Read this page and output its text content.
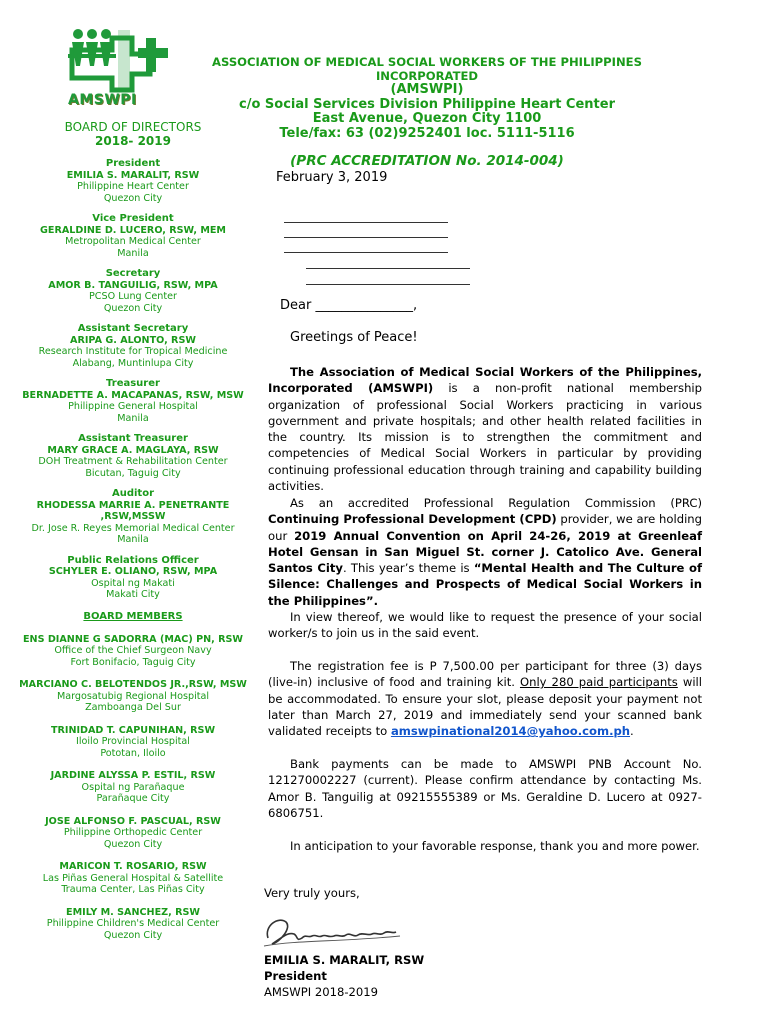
AMSWPI
ASSOCIATION OF MEDICAL SOCIAL WORKERS OF THE PHILIPPINES INCORPORATED
(AMSWPI)
c/o Social Services Division Philippine Heart Center
East Avenue, Quezon City 1100
Tele/fax: 63 (02)9252401 loc. 5111-5116
(PRC ACCREDITATION No. 2014-004)
BOARD OF DIRECTORS
2018- 2019
President
EMILIA S. MARALIT, RSW
Philippine Heart Center
Quezon City
Vice President
GERALDINE D. LUCERO, RSW, MEM
Metropolitan Medical Center
Manila
Secretary
AMOR B. TANGUILIG, RSW, MPA
PCSO Lung Center
Quezon City
Assistant Secretary
ARIPA G. ALONTO, RSW
Research Institute for Tropical Medicine
Alabang, Muntinlupa City
Treasurer
BERNADETTE A. MACAPANAS, RSW, MSW
Philippine General Hospital
Manila
Assistant Treasurer
MARY GRACE A. MAGLAYA, RSW
DOH Treatment & Rehabilitation Center
Bicutan, Taguig City
Auditor
RHODESSA MARRIE A. PENETRANTE ,RSW,MSSW
Dr. Jose R. Reyes Memorial Medical Center
Manila
Public Relations Officer
SCHYLER E. OLIANO, RSW, MPA
Ospital ng Makati
Makati City
BOARD MEMBERS
ENS DIANNE G SADORRA (MAC) PN, RSW
Office of the Chief Surgeon Navy
Fort Bonifacio, Taguig City
MARCIANO C. BELOTENDOS JR.,RSW, MSW
Margosatubig Regional Hospital
Zamboanga Del Sur
TRINIDAD T. CAPUNIHAN, RSW
Iloilo Provincial Hospital
Pototan, Iloilo
JARDINE ALYSSA P. ESTIL, RSW
Ospital ng Parañaque
Parañaque City
JOSE ALFONSO F. PASCUAL, RSW
Philippine Orthopedic Center
Quezon City
MARICON T. ROSARIO, RSW
Las Piñas General Hospital & Satellite
Trauma Center, Las Piñas City
EMILY M. SANCHEZ, RSW
Philippine Children's Medical Center
Quezon City
February 3, 2019
Dear _______________,
Greetings of Peace!
The Association of Medical Social Workers of the Philippines, Incorporated (AMSWPI) is a non-profit national membership organization of professional Social Workers practicing in various government and private hospitals; and other health related facilities in the country. Its mission is to strengthen the commitment and competencies of Medical Social Workers in particular by providing continuing professional education through training and capability building activities.
As an accredited Professional Regulation Commission (PRC) Continuing Professional Development (CPD) provider, we are holding our 2019 Annual Convention on April 24-26, 2019 at Greenleaf Hotel Gensan in San Miguel St. corner J. Catolico Ave. General Santos City. This year’s theme is “Mental Health and The Culture of Silence: Challenges and Prospects of Medical Social Workers in the Philippines”.
In view thereof, we would like to request the presence of your social worker/s to join us in the said event.
The registration fee is P 7,500.00 per participant for three (3) days (live-in) inclusive of food and training kit. Only 280 paid participants will be accommodated. To ensure your slot, please deposit your payment not later than March 27, 2019 and immediately send your scanned bank validated receipts to amswpinational2014@yahoo.com.ph.
Bank payments can be made to AMSWPI PNB Account No. 121270002227 (current). Please confirm attendance by contacting Ms. Amor B. Tanguilig at 09215555389 or Ms. Geraldine D. Lucero at 0927-6806751.
In anticipation to your favorable response, thank you and more power.
Very truly yours,
EMILIA S. MARALIT, RSW
President
AMSWPI 2018-2019
